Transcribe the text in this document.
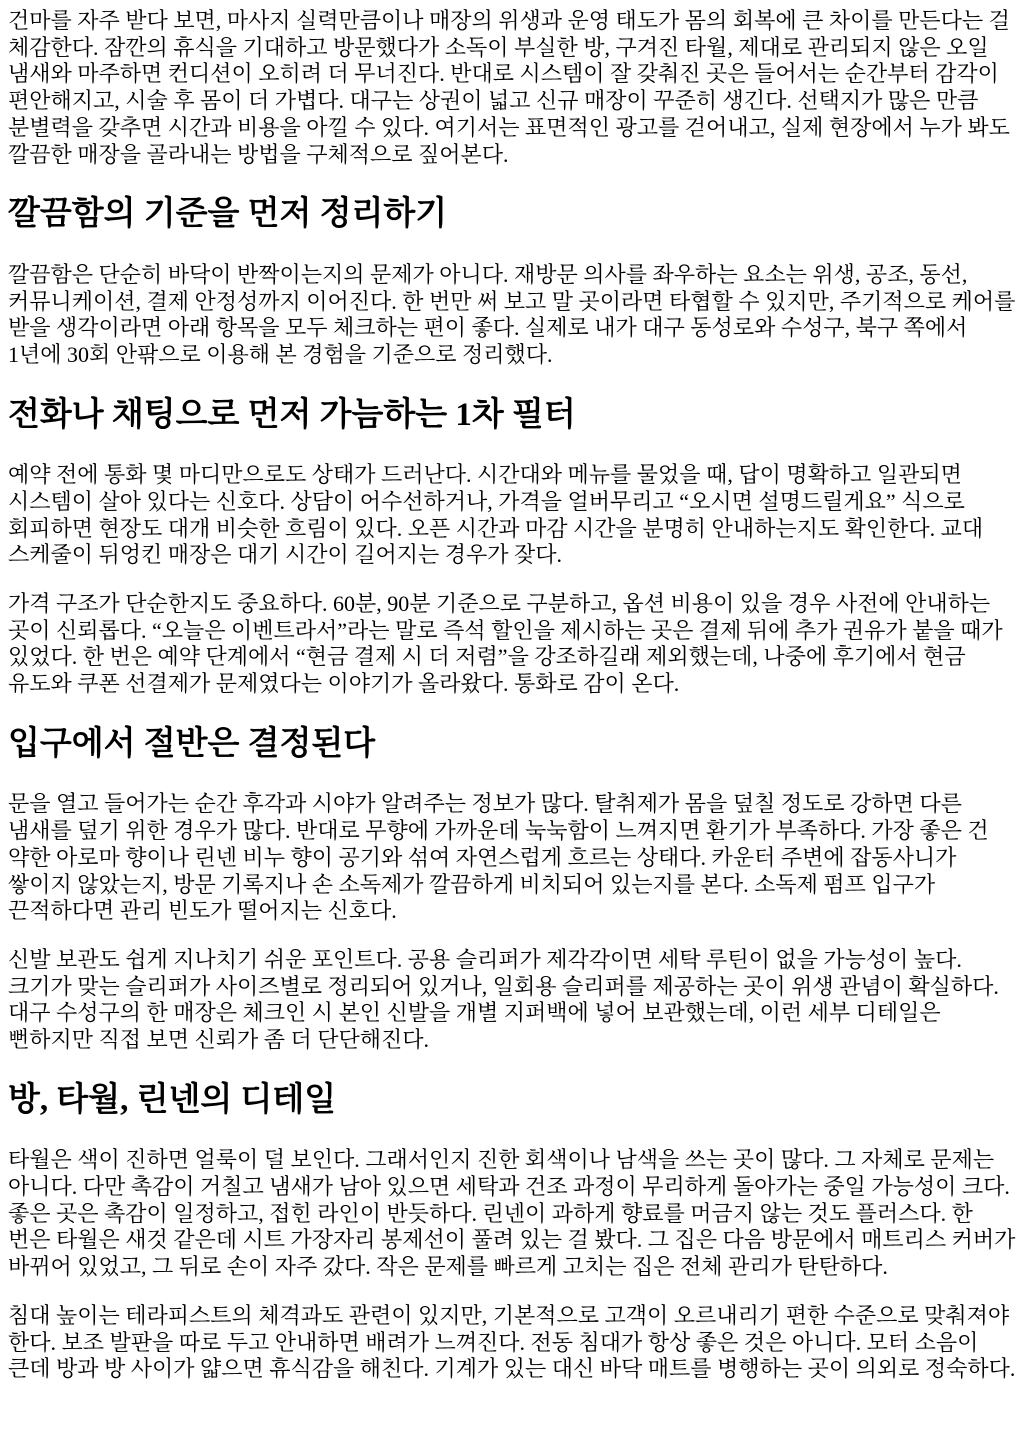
건마를 자주 받다 보면, 마사지 실력만큼이나 매장의 위생과 운영 태도가 몸의 회복에 큰 차이를 만든다는 걸 체감한다. 잠깐의 휴식을 기대하고 방문했다가 소독이 부실한 방, 구겨진 타월, 제대로 관리되지 않은 오일 냄새와 마주하면 컨디션이 오히려 더 무너진다. 반대로 시스템이 잘 갖춰진 곳은 들어서는 순간부터 감각이 편안해지고, 시술 후 몸이 더 가볍다. 대구는 상권이 넓고 신규 매장이 꾸준히 생긴다. 선택지가 많은 만큼 분별력을 갖추면 시간과 비용을 아낄 수 있다. 여기서는 표면적인 광고를 걷어내고, 실제 현장에서 누가 봐도 깔끔한 매장을 골라내는 방법을 구체적으로 짚어본다.

깔끔함의 기준을 먼저 정리하기

깔끔함은 단순히 바닥이 반짝이는지의 문제가 아니다. 재방문 의사를 좌우하는 요소는 위생, 공조, 동선, 커뮤니케이션, 결제 안정성까지 이어진다. 한 번만 써 보고 말 곳이라면 타협할 수 있지만, 주기적으로 케어를 받을 생각이라면 아래 항목을 모두 체크하는 편이 좋다. 실제로 내가 대구 동성로와 수성구, 북구 쪽에서 1년에 30회 안팎으로 이용해 본 경험을 기준으로 정리했다.

전화나 채팅으로 먼저 가늠하는 1차 필터

예약 전에 통화 몇 마디만으로도 상태가 드러난다. 시간대와 메뉴를 물었을 때, 답이 명확하고 일관되면 시스템이 살아 있다는 신호다. 상담이 어수선하거나, 가격을 얼버무리고 “오시면 설명드릴게요” 식으로 회피하면 현장도 대개 비슷한 흐림이 있다. 오픈 시간과 마감 시간을 분명히 안내하는지도 확인한다. 교대 스케줄이 뒤엉킨 매장은 대기 시간이 길어지는 경우가 잦다.

가격 구조가 단순한지도 중요하다. 60분, 90분 기준으로 구분하고, 옵션 비용이 있을 경우 사전에 안내하는 곳이 신뢰롭다. “오늘은 이벤트라서”라는 말로 즉석 할인을 제시하는 곳은 결제 뒤에 추가 권유가 붙을 때가 있었다. 한 번은 예약 단계에서 “현금 결제 시 더 저렴”을 강조하길래 제외했는데, 나중에 후기에서 현금 유도와 쿠폰 선결제가 문제였다는 이야기가 올라왔다. 통화로 감이 온다.

입구에서 절반은 결정된다

문을 열고 들어가는 순간 후각과 시야가 알려주는 정보가 많다. 탈취제가 몸을 덮칠 정도로 강하면 다른 냄새를 덮기 위한 경우가 많다. 반대로 무향에 가까운데 눅눅함이 느껴지면 환기가 부족하다. 가장 좋은 건 약한 아로마 향이나 린넨 비누 향이 공기와 섞여 자연스럽게 흐르는 상태다. 카운터 주변에 잡동사니가 쌓이지 않았는지, 방문 기록지나 손 소독제가 깔끔하게 비치되어 있는지를 본다. 소독제 펌프 입구가 끈적하다면 관리 빈도가 떨어지는 신호다.

신발 보관도 쉽게 지나치기 쉬운 포인트다. 공용 슬리퍼가 제각각이면 세탁 루틴이 없을 가능성이 높다. 크기가 맞는 슬리퍼가 사이즈별로 정리되어 있거나, 일회용 슬리퍼를 제공하는 곳이 위생 관념이 확실하다. 대구 수성구의 한 매장은 체크인 시 본인 신발을 개별 지퍼백에 넣어 보관했는데, 이런 세부 디테일은 뻔하지만 직접 보면 신뢰가 좀 더 단단해진다.

방, 타월, 린넨의 디테일

타월은 색이 진하면 얼룩이 덜 보인다. 그래서인지 진한 회색이나 남색을 쓰는 곳이 많다. 그 자체로 문제는 아니다. 다만 촉감이 거칠고 냄새가 남아 있으면 세탁과 건조 과정이 무리하게 돌아가는 중일 가능성이 크다. 좋은 곳은 촉감이 일정하고, 접힌 라인이 반듯하다. 린넨이 과하게 향료를 머금지 않는 것도 플러스다. 한 번은 타월은 새것 같은데 시트 가장자리 봉제선이 풀려 있는 걸 봤다. 그 집은 다음 방문에서 매트리스 커버가 바뀌어 있었고, 그 뒤로 손이 자주 갔다. 작은 문제를 빠르게 고치는 집은 전체 관리가 탄탄하다.

침대 높이는 테라피스트의 체격과도 관련이 있지만, 기본적으로 고객이 오르내리기 편한 수준으로 맞춰져야 한다. 보조 발판을 따로 두고 안내하면 배려가 느껴진다. 전동 침대가 항상 좋은 것은 아니다. 모터 소음이 큰데 방과 방 사이가 얇으면 휴식감을 해친다. 기계가 있는 대신 바닥 매트를 병행하는 곳이 의외로 정숙하다.
